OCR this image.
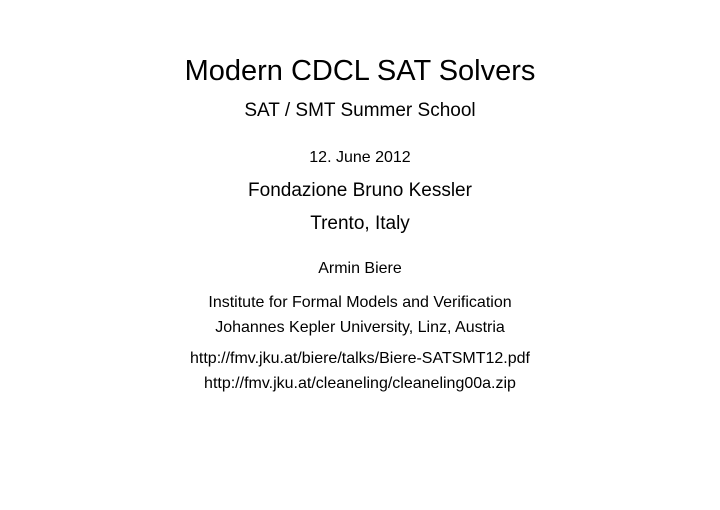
Modern CDCL SAT Solvers
SAT / SMT Summer School
12. June 2012
Fondazione Bruno Kessler
Trento, Italy
Armin Biere
Institute for Formal Models and Verification
Johannes Kepler University, Linz, Austria
http://fmv.jku.at/biere/talks/Biere-SATSMT12.pdf
http://fmv.jku.at/cleaneling/cleaneling00a.zip
